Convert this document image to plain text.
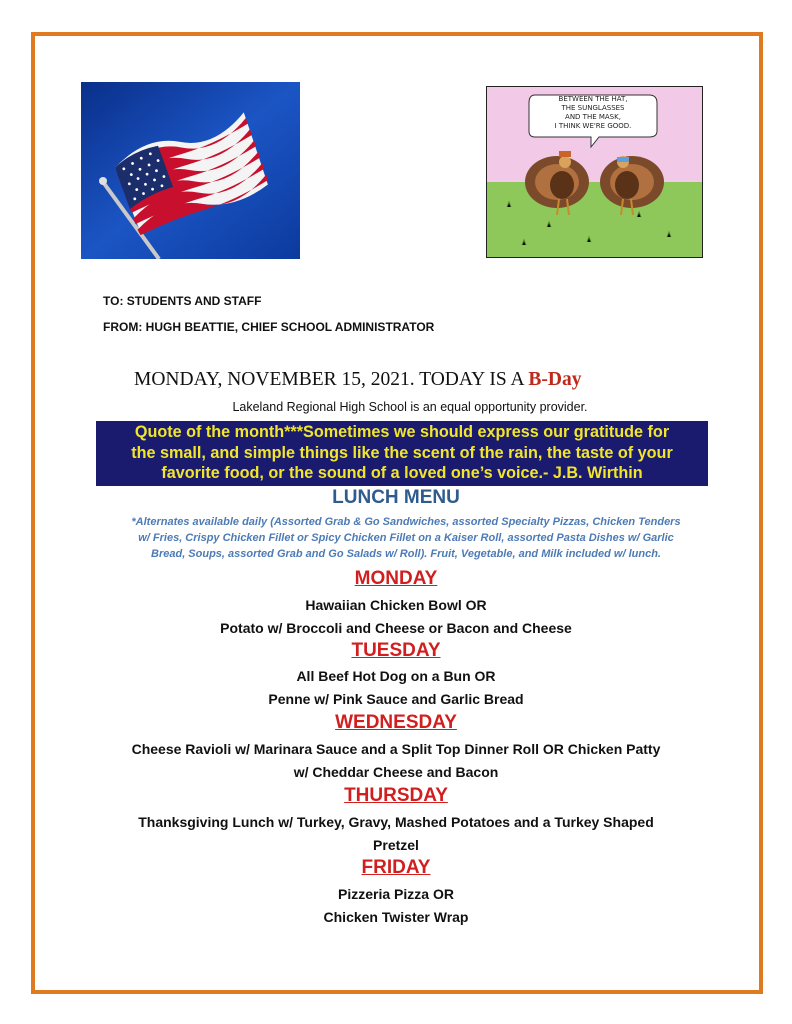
BETWEEN THE HAT,
THE SUNGLASSES
AND THE MASK,
I THINK WE'RE GOOD.
TO: STUDENTS AND STAFF
FROM: HUGH BEATTIE, CHIEF SCHOOL ADMINISTRATOR
MONDAY, NOVEMBER 15, 2021. TODAY IS A B-Day
Lakeland Regional High School is an equal opportunity provider.
Quote of the month***Sometimes we should express our gratitude for
the small, and simple things like the scent of the rain, the taste of your
favorite food, or the sound of a loved one’s voice.- J.B. Wirthin
LUNCH MENU
*Alternates available daily (Assorted Grab & Go Sandwiches, assorted Specialty Pizzas, Chicken Tenders
w/ Fries, Crispy Chicken Fillet or Spicy Chicken Fillet on a Kaiser Roll, assorted Pasta Dishes w/ Garlic
Bread, Soups, assorted Grab and Go Salads w/ Roll). Fruit, Vegetable, and Milk included w/ lunch.
MONDAY
Hawaiian Chicken Bowl OR
Potato w/ Broccoli and Cheese or Bacon and Cheese
TUESDAY
All Beef Hot Dog on a Bun OR
Penne w/ Pink Sauce and Garlic Bread
WEDNESDAY
Cheese Ravioli w/ Marinara Sauce and a Split Top Dinner Roll OR Chicken Patty
w/ Cheddar Cheese and Bacon
THURSDAY
Thanksgiving Lunch w/ Turkey, Gravy, Mashed Potatoes and a Turkey Shaped
Pretzel
FRIDAY
Pizzeria Pizza OR
Chicken Twister Wrap
